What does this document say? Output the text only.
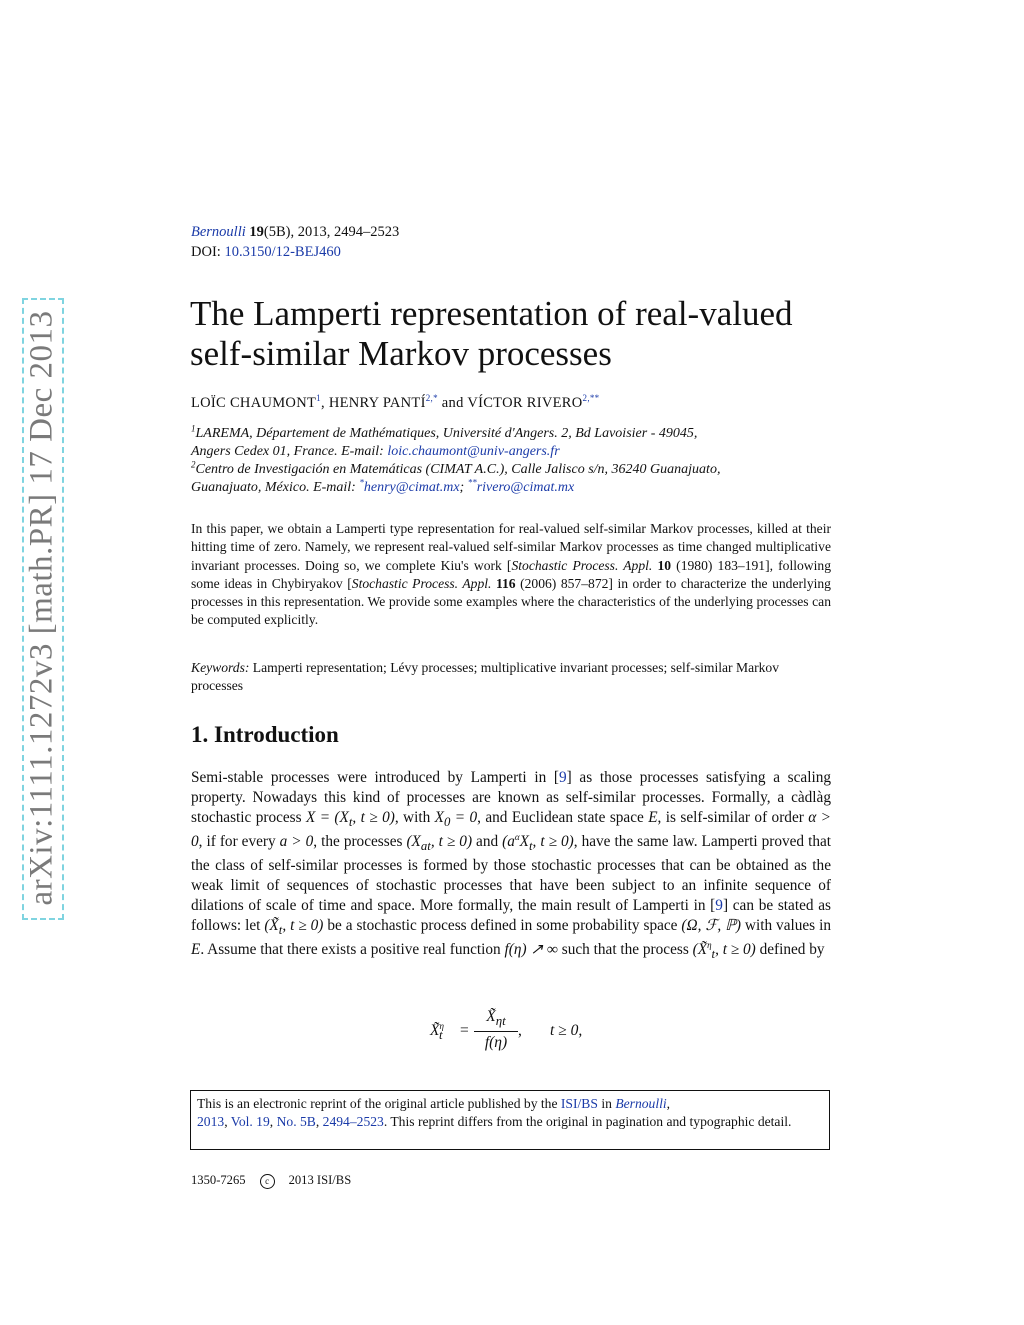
arXiv:1111.1272v3 [math.PR] 17 Dec 2013
Bernoulli 19(5B), 2013, 2494–2523
DOI: 10.3150/12-BEJ460
The Lamperti representation of real-valued
self-similar Markov processes
LOÏC CHAUMONT$^1$, HENRY $PANTÍ^{2,*}$ and VÍCTOR $RIVERO^{2,**}$
$^1$LAREMA, Département de Mathématiques, Université d'Angers. 2, Bd Lavoisier - 49045,
Angers Cedex 01, France. E-mail: loic.chaumont@univ-angers.fr
$^2$Centro de Investigación en Matemáticas (CIMAT A.C.), Calle Jalisco s/n, 36240 Guanajuato,
Guanajuato, México. E-mail: *henry@cimat.mx; **rivero@cimat.mx
In this paper, we obtain a Lamperti type representation for real-valued self-similar Markov processes, killed at their hitting time of zero. Namely, we represent real-valued self-similar Markov processes as time changed multiplicative invariant processes. Doing so, we complete Kiu's work [Stochastic Process. Appl. 10 (1980) 183–191], following some ideas in Chybiryakov [Stochastic Process. Appl. 116 (2006) 857–872] in order to characterize the underlying processes in this representation. We provide some examples where the characteristics of the underlying processes can be computed explicitly.
Keywords: Lamperti representation; Lévy processes; multiplicative invariant processes; self-similar Markov processes
1. Introduction
Semi-stable processes were introduced by Lamperti in [9] as those processes satisfying a scaling property. Nowadays this kind of processes are known as self-similar processes. Formally, a càdlàg stochastic process $X = (X_t$, t ≥ 0), with $X_0 = 0$, and Euclidean state space E, is self-similar of order α > 0, if for every a > 0, the processes ($X_{at}$, t ≥ 0) and ($a^\alpha X_t$, t ≥ 0), have the same law. Lamperti proved that the class of self-similar processes is formed by those stochastic processes that can be obtained as the weak limit of sequences of stochastic processes that have been subject to an infinite sequence of dilations of scale of time and space. More formally, the main result of Lamperti in [9] can be stated as follows: let ($X̃_t$, t ≥ 0) be a stochastic process defined in some probability space (Ω, ℱ, ℙ) with values in E. Assume that there exists a positive real function f(η) ↗ ∞ such that the process (X̃$^\eta_t$, t ≥ 0) defined by
X̃$^\eta_t$ = $\frac{X̃_{\eta t}}{f(\eta)}$ , t ≥ 0,
This is an electronic reprint of the original article published by the ISI/BS in Bernoulli,
2013, Vol. 19, No. 5B, 2494–2523. This reprint differs from the original in pagination and typographic detail.
1350-7265 c 2013 ISI/BS
